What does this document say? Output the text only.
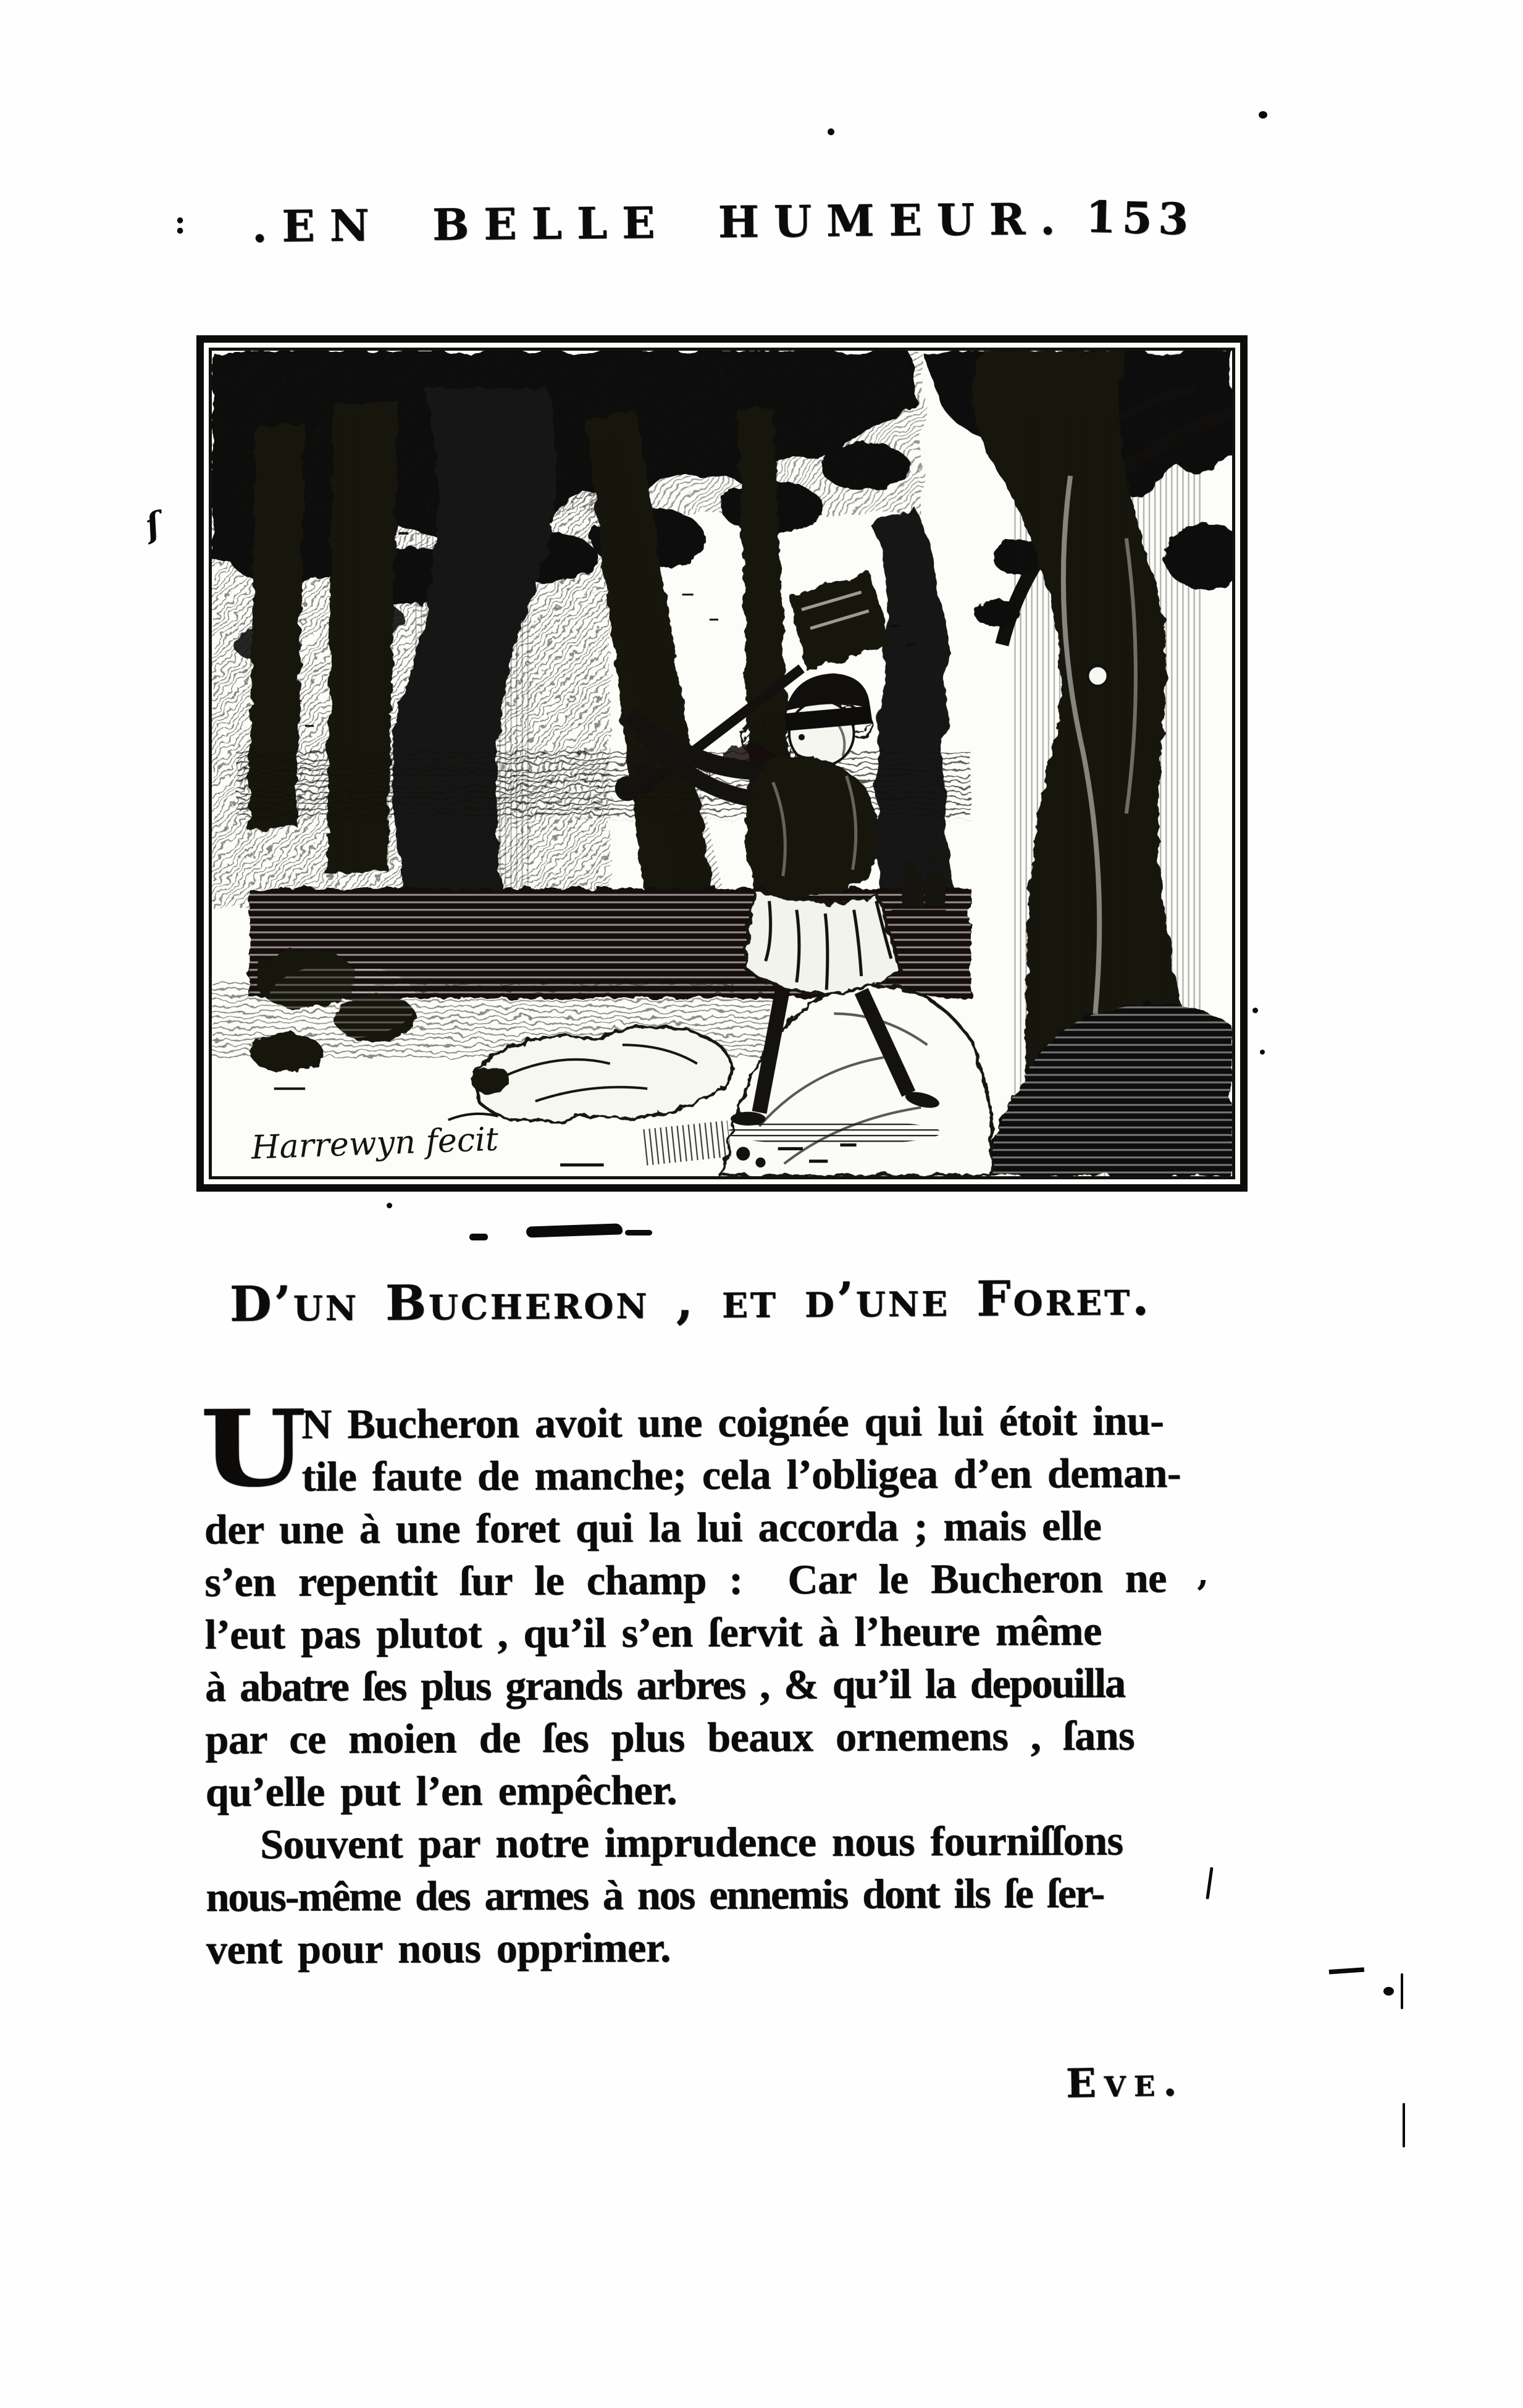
: .EN BELLE HUMEUR. 153
Harrewyn fecit
D’un Bucheron , et d’une Foret.
U
N Bucheron avoit une coignée qui lui étoit inu-
tile faute de manche; cela l’obligea d’en deman-
der une à une foret qui la lui accorda ; mais elle
s’en repentit ſur le champ :  Car le Bucheron ne
l’eut pas plutot , qu’il s’en ſervit à l’heure même
à abatre ſes plus grands arbres , & qu’il la depouilla
par ce moien de ſes plus beaux ornemens , ſans
qu’elle put l’en empêcher.
Souvent par notre imprudence nous fourniſſons
nous-même des armes à nos ennemis dont ils ſe ſer-
vent pour nous opprimer.
Eve.
ſ
’
—
